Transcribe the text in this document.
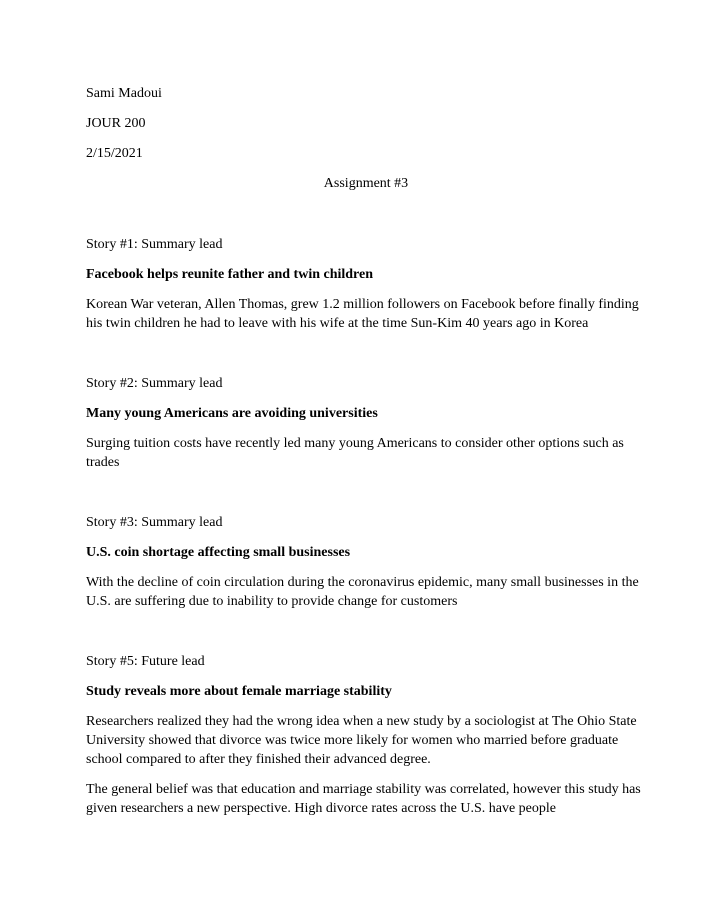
Sami Madoui

JOUR 200

2/15/2021

Assignment #3

Story #1: Summary lead

Facebook helps reunite father and twin children

Korean War veteran, Allen Thomas, grew 1.2 million followers on Facebook before finally finding his twin children he had to leave with his wife at the time Sun-Kim 40 years ago in Korea

Story #2: Summary lead

Many young Americans are avoiding universities

Surging tuition costs have recently led many young Americans to consider other options such as trades

Story #3: Summary lead

U.S. coin shortage affecting small businesses

With the decline of coin circulation during the coronavirus epidemic, many small businesses in the U.S. are suffering due to inability to provide change for customers

Story #5: Future lead

Study reveals more about female marriage stability

Researchers realized they had the wrong idea when a new study by a sociologist at The Ohio State University showed that divorce was twice more likely for women who married before graduate school compared to after they finished their advanced degree.

The general belief was that education and marriage stability was correlated, however this study has given researchers a new perspective. High divorce rates across the U.S. have people
